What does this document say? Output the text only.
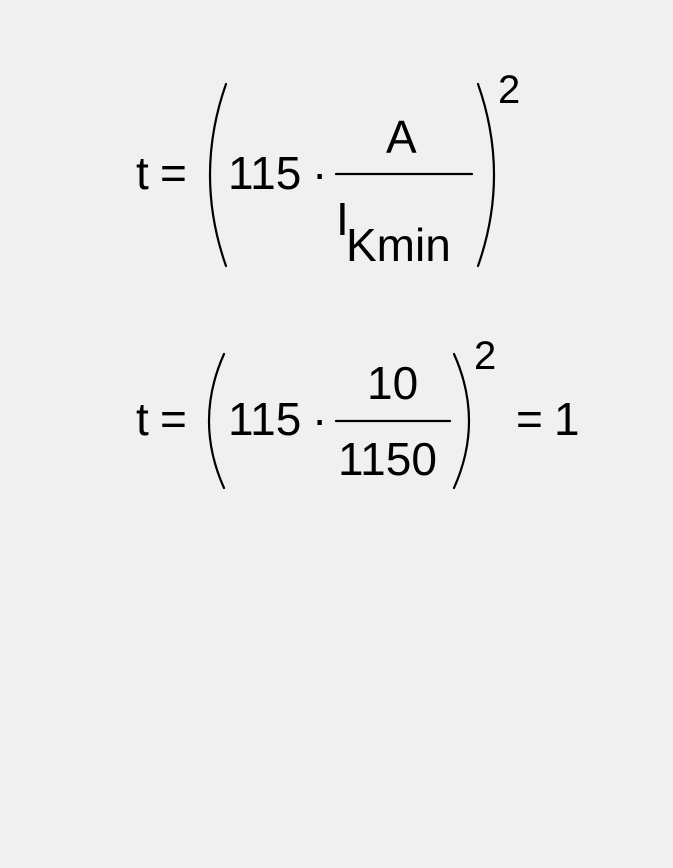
t = 115 ·
A
I
Kmin
2
t = 115 ·
10
1150
2
= 1
